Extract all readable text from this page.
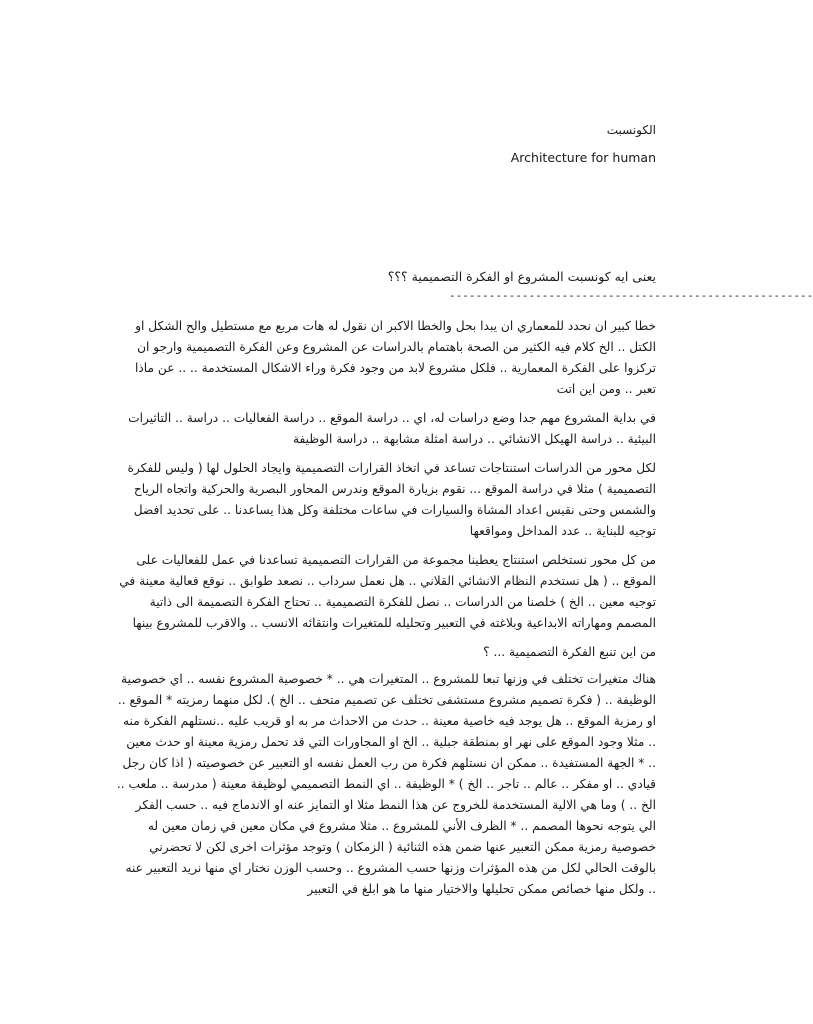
الكونسبت
Architecture for human
يعنى ايه كونسبت المشروع او الفكرة التصميمية ؟؟؟
-------------------------------------------------------

خطا كبير ان نحدد للمعماري ان يبدا بحل والخطا الاكبر ان نقول له هات مربع مع مستطيل والح الشكل او الكتل .. الخ كلام فيه الكثير من الصحة باهتمام بالدراسات عن المشروع وعن الفكرة التصميمية وارجو ان تركزوا على الفكرة المعمارية .. فلكل مشروع لابد من وجود فكرة وراء الاشكال المستخدمة .. .. عن ماذا تعبر .. ومن اين اتت

في بداية المشروع مهم جدا وضع دراسات له، اي .. دراسة الموقع .. دراسة الفعاليات .. دراسة .. التاثيرات البيئية .. دراسة الهيكل الانشائي .. دراسة امثلة مشابهة .. دراسة الوظيفة

لكل محور من الدراسات استنتاجات تساعد في اتخاذ القرارات التصميمية وايجاد الحلول لها ( وليس للفكرة التصميمية ) مثلا في دراسة الموقع ... نقوم بزيارة الموقع وندرس المحاور البصرية والحركية واتجاه الرياح والشمس وحتى نقيس اعداد المشاة والسيارات في ساعات مختلفة وكل هذا يساعدنا .. على تحديد افضل توجيه للبناية .. عدد المداخل ومواقعها

من كل محور نستخلص استنتاج يعطينا مجموعة من القرارات التصميمية تساعدنا في عمل للفعاليات على الموقع .. ( هل نستخدم النظام الانشائي القلاني .. هل نعمل سرداب .. نصعد طوابق .. نوقع فعالية معينة في توجيه معين .. الخ ) خلصنا من الدراسات .. نصل للفكرة التصميمية .. تحتاج الفكرة التصميمة الى ذاتية المصمم ومهاراته الابداعية وبلاغته في التعبير وتحليله للمتغيرات وانتقائه الانسب .. والاقرب للمشروع بينها

من اين تنبع الفكرة التصميمية ... ؟

هناك متغيرات تختلف في وزنها تبعا للمشروع .. المتغيرات هي .. * خصوصية المشروع نفسه .. اي خصوصية الوظيفة .. ( فكرة تصميم مشروع مستشفى تختلف عن تصميم متحف .. الخ ). لكل منهما رمزيته * الموقع .. او رمزية الموقع .. هل يوجد فيه خاصية معينة .. حدث من الاحداث مر به او قريب عليه ..نستلهم الفكرة منه .. مثلا وجود الموقع على نهر او بمنطقة جبلية .. الخ او المجاورات التي قد تحمل رمزية معينة او حدث معين .. * الجهة المستفيدة .. ممكن ان نستلهم فكرة من رب العمل نفسه او التعبير عن خصوصيته ( اذا كان رجل قيادي .. او مفكر .. عالم .. تاجر .. الخ ) * الوظيفة .. اي النمط التصميمي لوظيفة معينة ( مدرسة .. ملعب .. الخ .. ) وما هي الالية المستخدمة للخروج عن هذا النمط مثلا او التمايز عنه او الاندماج فيه .. حسب الفكر الي يتوجه نحوها المصمم .. * الظرف الأني للمشروع .. مثلا مشروع في مكان معين في زمان معين له خصوصية رمزية ممكن التعبير عنها ضمن هذه الثنائية ( الزمكان ) وتوجد مؤثرات اخرى لكن لا تحضرني بالوقت الحالي لكل من هذه المؤثرات وزنها حسب المشروع .. وحسب الوزن نختار اي منها نريد التعبير عنه .. ولكل منها خصائص ممكن تحليلها والاختيار منها ما هو ابلغ في التعبير
